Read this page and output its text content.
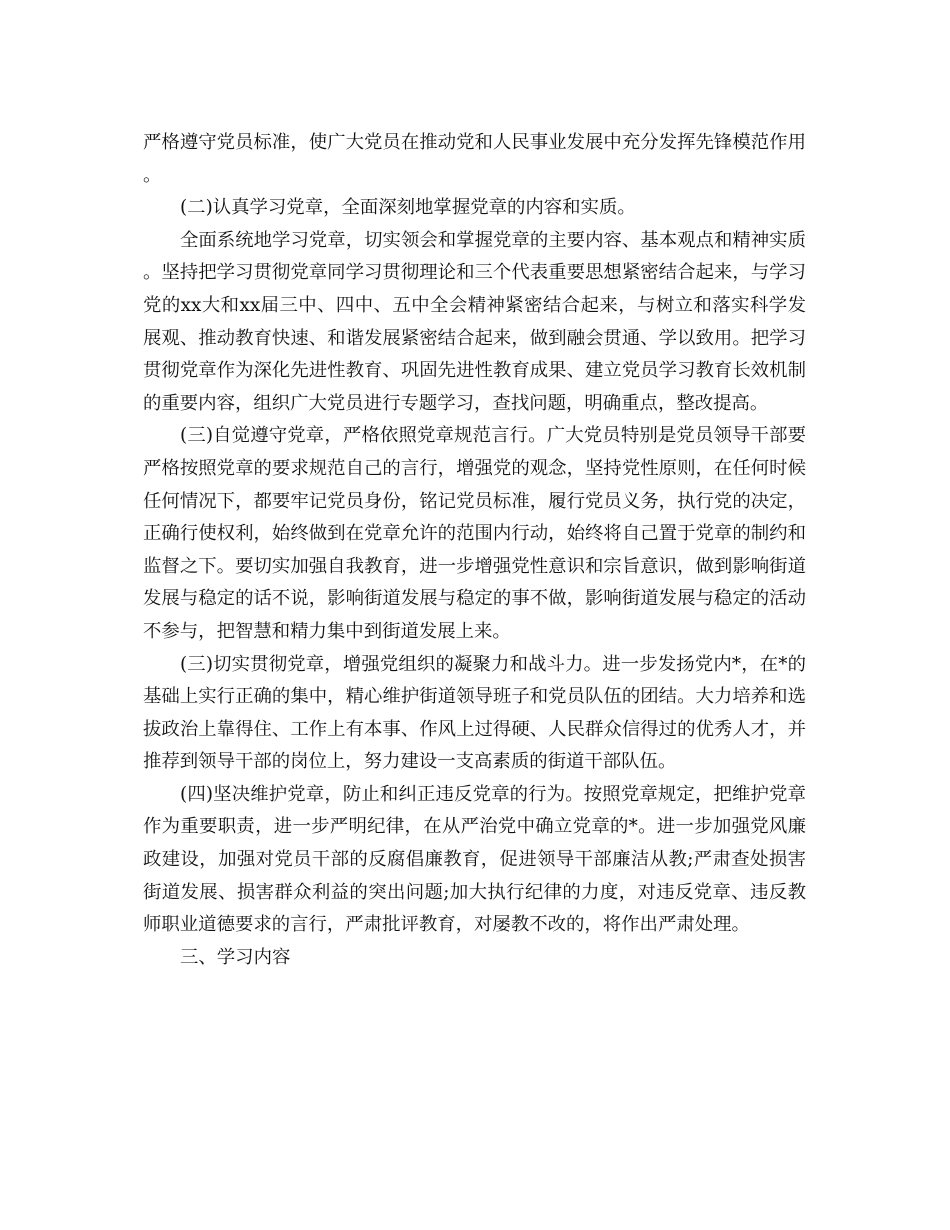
严格遵守党员标准，使广大党员在推动党和人民事业发展中充分发挥先锋模范作用。

(二)认真学习党章，全面深刻地掌握党章的内容和实质。

全面系统地学习党章，切实领会和掌握党章的主要内容、基本观点和精神实质。坚持把学习贯彻党章同学习贯彻理论和三个代表重要思想紧密结合起来，与学习党的xx大和xx届三中、四中、五中全会精神紧密结合起来，与树立和落实科学发展观、推动教育快速、和谐发展紧密结合起来，做到融会贯通、学以致用。把学习贯彻党章作为深化先进性教育、巩固先进性教育成果、建立党员学习教育长效机制的重要内容，组织广大党员进行专题学习，查找问题，明确重点，整改提高。

(三)自觉遵守党章，严格依照党章规范言行。广大党员特别是党员领导干部要严格按照党章的要求规范自己的言行，增强党的观念，坚持党性原则，在任何时候任何情况下，都要牢记党员身份，铭记党员标准，履行党员义务，执行党的决定，正确行使权利，始终做到在党章允许的范围内行动，始终将自己置于党章的制约和监督之下。要切实加强自我教育，进一步增强党性意识和宗旨意识，做到影响街道发展与稳定的话不说，影响街道发展与稳定的事不做，影响街道发展与稳定的活动不参与，把智慧和精力集中到街道发展上来。

(三)切实贯彻党章，增强党组织的凝聚力和战斗力。进一步发扬党内*，在*的基础上实行正确的集中，精心维护街道领导班子和党员队伍的团结。大力培养和选拔政治上靠得住、工作上有本事、作风上过得硬、人民群众信得过的优秀人才，并推荐到领导干部的岗位上，努力建设一支高素质的街道干部队伍。

(四)坚决维护党章，防止和纠正违反党章的行为。按照党章规定，把维护党章作为重要职责，进一步严明纪律，在从严治党中确立党章的*。进一步加强党风廉政建设，加强对党员干部的反腐倡廉教育，促进领导干部廉洁从教;严肃查处损害街道发展、损害群众利益的突出问题;加大执行纪律的力度，对违反党章、违反教师职业道德要求的言行，严肃批评教育，对屡教不改的，将作出严肃处理。

三、学习内容
